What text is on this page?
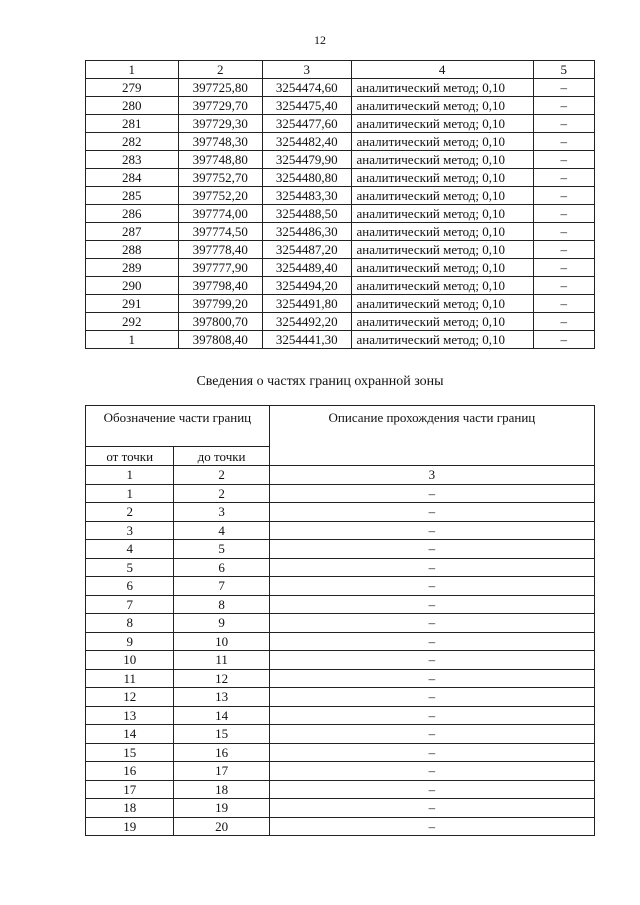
12
1	2	3	4	5
279	397725,80	3254474,60	аналитический метод; 0,10	–
280	397729,70	3254475,40	аналитический метод; 0,10	–
281	397729,30	3254477,60	аналитический метод; 0,10	–
282	397748,30	3254482,40	аналитический метод; 0,10	–
283	397748,80	3254479,90	аналитический метод; 0,10	–
284	397752,70	3254480,80	аналитический метод; 0,10	–
285	397752,20	3254483,30	аналитический метод; 0,10	–
286	397774,00	3254488,50	аналитический метод; 0,10	–
287	397774,50	3254486,30	аналитический метод; 0,10	–
288	397778,40	3254487,20	аналитический метод; 0,10	–
289	397777,90	3254489,40	аналитический метод; 0,10	–
290	397798,40	3254494,20	аналитический метод; 0,10	–
291	397799,20	3254491,80	аналитический метод; 0,10	–
292	397800,70	3254492,20	аналитический метод; 0,10	–
1	397808,40	3254441,30	аналитический метод; 0,10	–
Сведения о частях границ охранной зоны
Обозначение части границ		Описание прохождения части границ
от точки	до точки	
1	2	3
1	2	–
2	3	–
3	4	–
4	5	–
5	6	–
6	7	–
7	8	–
8	9	–
9	10	–
10	11	–
11	12	–
12	13	–
13	14	–
14	15	–
15	16	–
16	17	–
17	18	–
18	19	–
19	20	–
